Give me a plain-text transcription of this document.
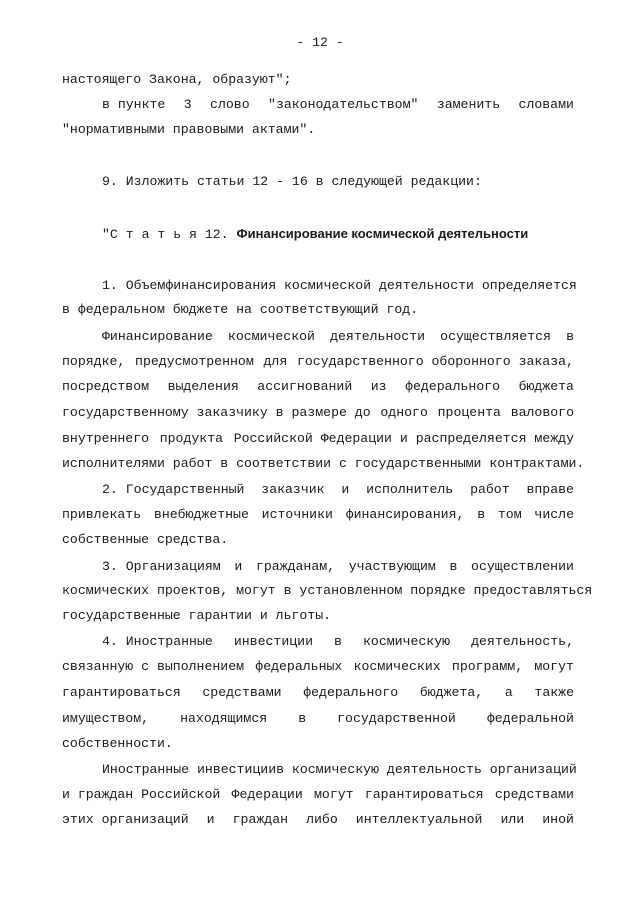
- 12 -
настоящего Закона, образуют";
в пункте 3 слово "законодательством" заменить словами
"нормативными правовыми актами".
9. Изложить статьи 12 - 16 в следующей редакции:
"С т а т ь я 12. Финансирование космической деятельности
1. Объем финансирования космической деятельности определяется
в федеральном бюджете на соответствующий год.
Финансирование космической деятельности осуществляется в
порядке, предусмотренном для государственного оборонного заказа,
посредством выделения ассигнований из федерального бюджета
государственному заказчику в размере до одного процента валового
внутреннего продукта Российской Федерации и распределяется между
исполнителями работ в соответствии с государственными контрактами.
2. Государственный заказчик и исполнитель работ вправе
привлекать внебюджетные источники финансирования, в том числе
собственные средства.
3. Организациям и гражданам, участвующим в осуществлении
космических проектов, могут в установленном порядке предоставляться
государственные гарантии и льготы.
4. Иностранные инвестиции в космическую деятельность,
связанную с выполнением федеральных космических программ, могут
гарантироваться средствами федерального бюджета, а также
имуществом, находящимся в государственной федеральной
собственности.
Иностранные инвестиции в космическую деятельность организаций
и граждан Российской Федерации могут гарантироваться средствами
этих организаций и граждан либо интеллектуальной или иной
